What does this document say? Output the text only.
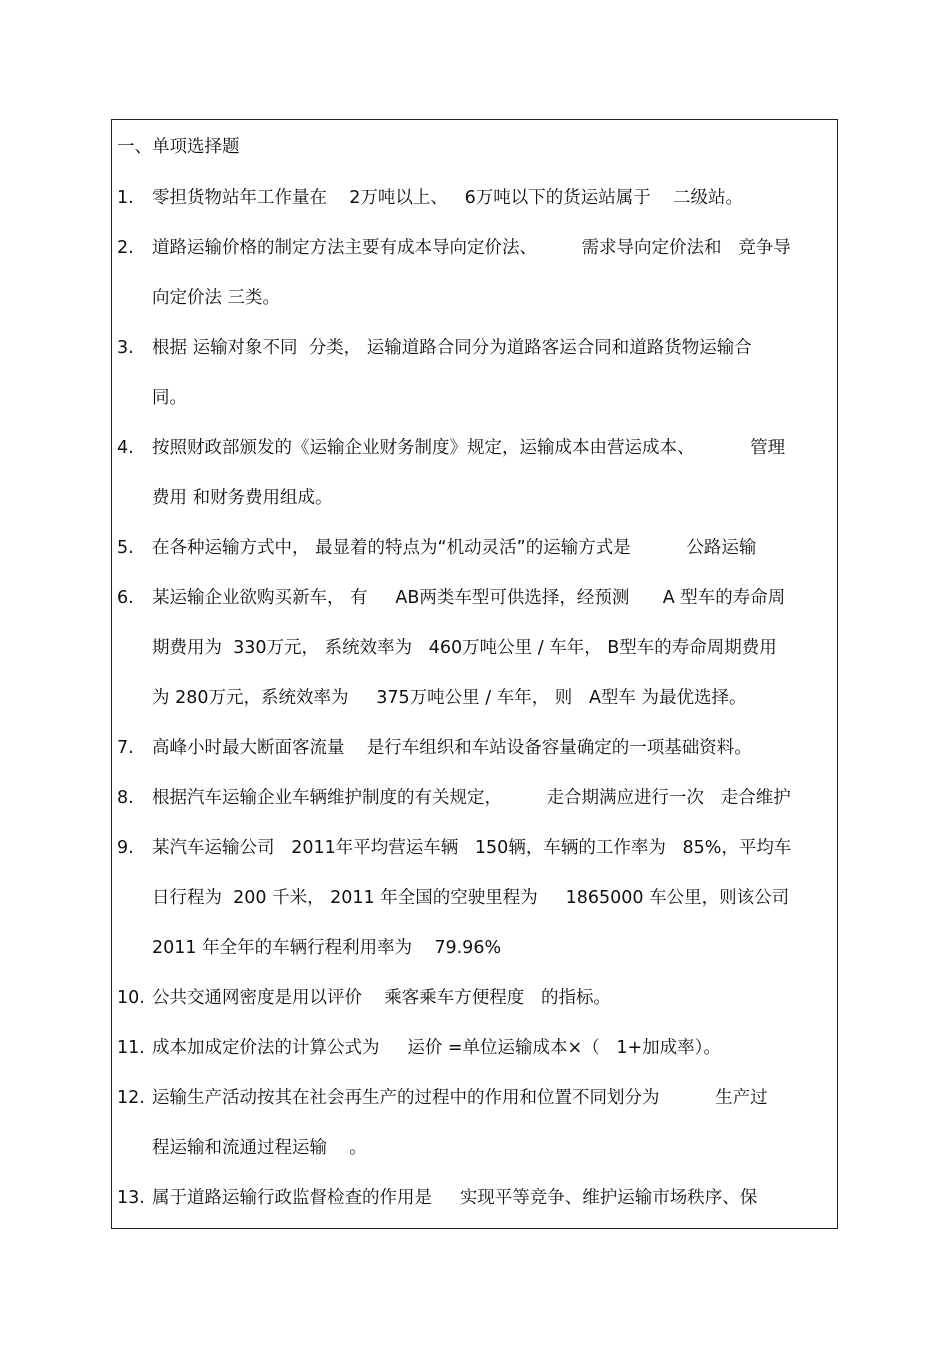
一、单项选择题

1.

零担货物站年工作量在    2万吨以上、   6万吨以下的货运站属于    二级站。

2.

道路运输价格的制定方法主要有成本导向定价法、        需求导向定价法和   竞争导

向定价法 三类。

3.

根据 运输对象不同  分类， 运输道路合同分为道路客运合同和道路货物运输合

同。

4.

按照财政部颁发的《运输企业财务制度》规定，运输成本由营运成本、          管理

费用 和财务费用组成。

5.

在各种运输方式中， 最显着的特点为“机动灵活”的运输方式是          公路运输

6.

某运输企业欲购买新车， 有     AB两类车型可供选择，经预测      A 型车的寿命周

期费用为  330万元， 系统效率为   460万吨公里 / 车年， B型车的寿命周期费用

为 280万元，系统效率为     375万吨公里 / 车年， 则   A型车 为最优选择。

7.

高峰小时最大断面客流量    是行车组织和车站设备容量确定的一项基础资料。

8.

根据汽车运输企业车辆维护制度的有关规定，        走合期满应进行一次   走合维护

9.

某汽车运输公司   2011年平均营运车辆   150辆，车辆的工作率为   85%，平均车

日行程为  200 千米， 2011 年全国的空驶里程为     1865000 车公里，则该公司

2011 年全年的车辆行程利用率为    79.96%

10.

公共交通网密度是用以评价    乘客乘车方便程度   的指标。

11.

成本加成定价法的计算公式为     运价 =单位运输成本×（   1+加成率）。

12.

运输生产活动按其在社会再生产的过程中的作用和位置不同划分为          生产过

程运输和流通过程运输    。

13.

属于道路运输行政监督检查的作用是     实现平等竞争、维护运输市场秩序、保
